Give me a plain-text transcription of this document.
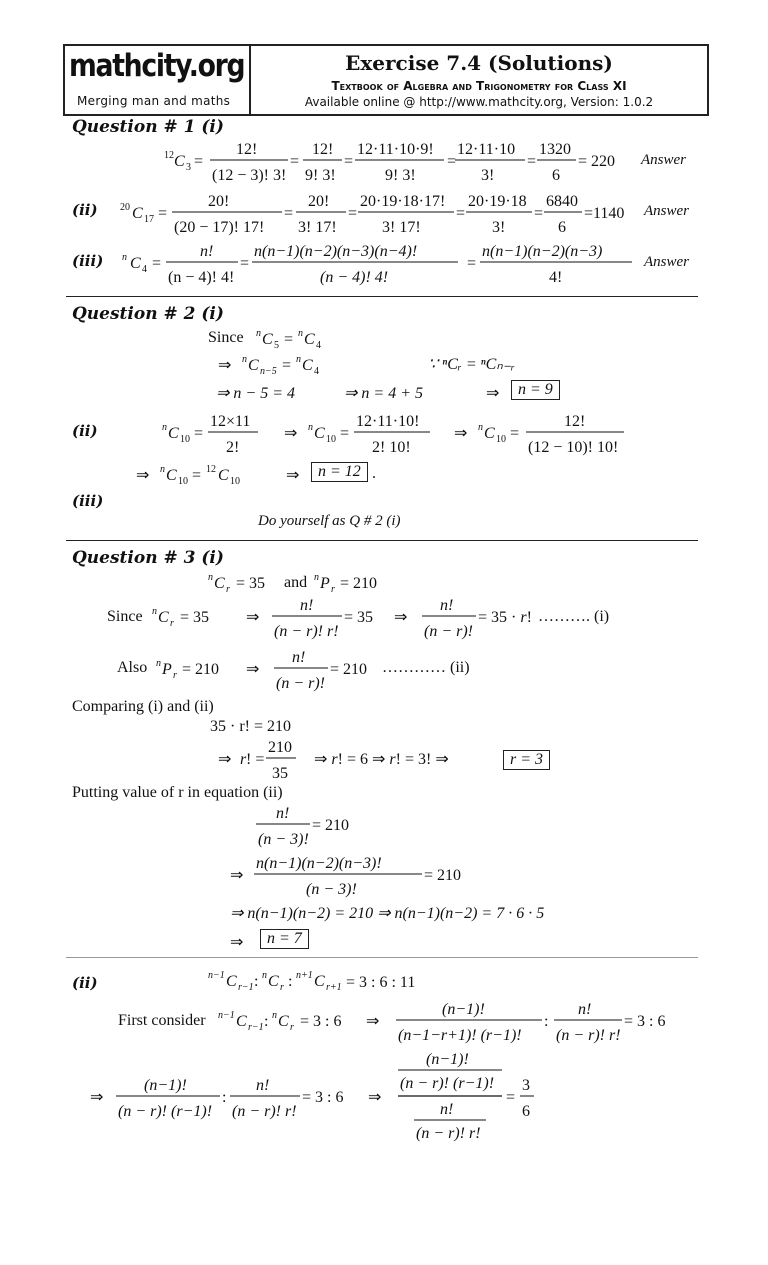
mathcity.org
Merging man and maths
Exercise 7.4 (Solutions)
Textbook of Algebra and Trigonometry for Class XI
Available online @ http://www.mathcity.org, Version: 1.0.2
Question # 1 (i)
12 C 3 =
12!
(12 − 3)! 3!
=
12!
9! 3!
=
12·11·10·9!
9! 3!
=
12·11·10
3!
=
1320
6
= 220 Answer
(ii) 20 C 17 =
20!
(20 − 17)! 17!
=
20!
3! 17!
=
20·19·18·17!
3! 17!
=
20·19·18
3!
=
6840
6
=1140 Answer
(iii) n C 4 =
n!
(n − 4)! 4!
=
n(n−1)(n−2)(n−3)(n−4)!
(n − 4)! 4!
=
n(n−1)(n−2)(n−3)
4!
Answer
Question # 2 (i)
Since n C 5 = n C 4
⇒ n C n−5 = n C 4	∵ ⁿCᵣ = ⁿCₙ₋ᵣ
⇒ n − 5 = 4	⇒ n = 4 + 5	⇒	n = 9
(ii)	n C 10 =
12×11
2!
⇒ n C 10 =
12·11·10!
2! 10!
⇒ n C 10 =
12!
(12 − 10)! 10!
⇒ n C 10 = 12 C 10	⇒	n = 12 .
(iii)
Do yourself as Q # 2 (i)
Question # 3 (i)
n C r = 35	n P r = 210
and
Since n C r = 35 ⇒
n!
(n − r)! r!
= 35 ⇒
n!
(n − r)!
= 35 · r! ………. (i)
Also n P r = 210 ⇒
n!
(n − r)!
= 210 ………… (ii)
Comparing (i) and (ii)
35 · r! = 210
⇒ r ! =
210
35
⇒ r! = 6 ⇒ r! = 3! ⇒	r = 3
Putting value of r in equation (ii)
n!
(n − 3)!
= 210
⇒
n(n−1)(n−2)(n−3)!
(n − 3)!
= 210
⇒ n(n−1)(n−2) = 210 ⇒ n(n−1)(n−2) = 7 · 6 · 5
⇒	n = 7
(ii)	n−1 C r−1 : n C r : n+1 C r+1 = 3 : 6 : 11
First consider n−1 C r−1 : n C r = 3 : 6 ⇒
(n−1)!
(n−1−r+1)! (r−1)!
:
n!
(n − r)! r!
= 3 : 6
⇒
(n−1)!
(n − r)! (r−1)!
:
n!
(n − r)! r!
= 3 : 6 ⇒
(n−1)!
(n − r)! (r−1)!
n!
(n − r)! r!
=
3
6
